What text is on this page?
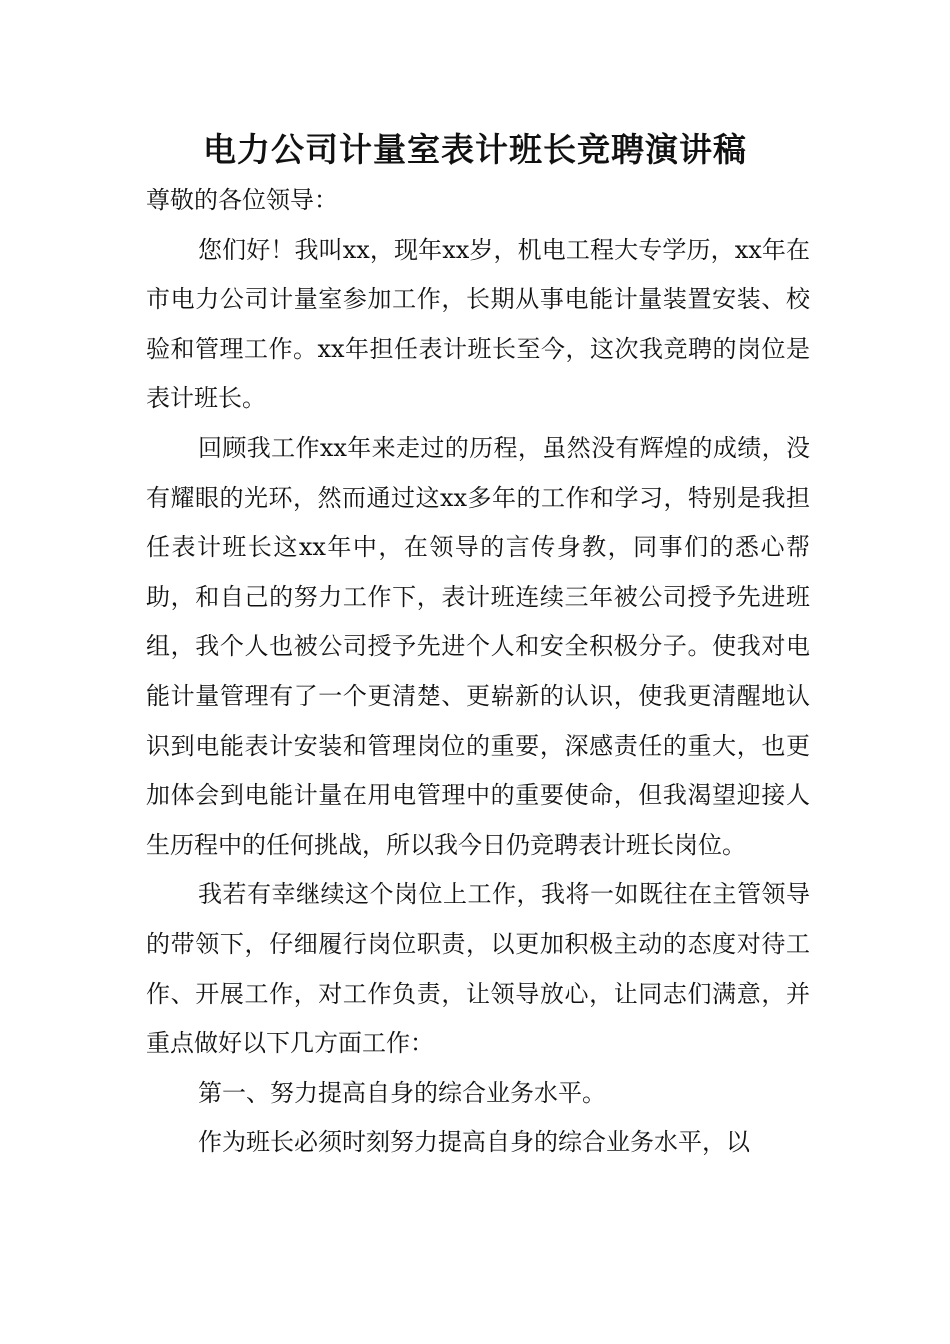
电力公司计量室表计班长竞聘演讲稿

尊敬的各位领导：

您们好！我叫xx，现年xx岁，机电工程大专学历，xx年在市电力公司计量室参加工作，长期从事电能计量装置安装、校验和管理工作。xx年担任表计班长至今，这次我竞聘的岗位是表计班长。

回顾我工作xx年来走过的历程，虽然没有辉煌的成绩，没有耀眼的光环，然而通过这xx多年的工作和学习，特别是我担任表计班长这xx年中，在领导的言传身教，同事们的悉心帮助，和自己的努力工作下，表计班连续三年被公司授予先进班组，我个人也被公司授予先进个人和安全积极分子。使我对电能计量管理有了一个更清楚、更崭新的认识，使我更清醒地认识到电能表计安装和管理岗位的重要，深感责任的重大，也更加体会到电能计量在用电管理中的重要使命，但我渴望迎接人生历程中的任何挑战，所以我今日仍竞聘表计班长岗位。

我若有幸继续这个岗位上工作，我将一如既往在主管领导的带领下，仔细履行岗位职责，以更加积极主动的态度对待工作、开展工作，对工作负责，让领导放心，让同志们满意，并重点做好以下几方面工作：

第一、努力提高自身的综合业务水平。

作为班长必须时刻努力提高自身的综合业务水平，以
